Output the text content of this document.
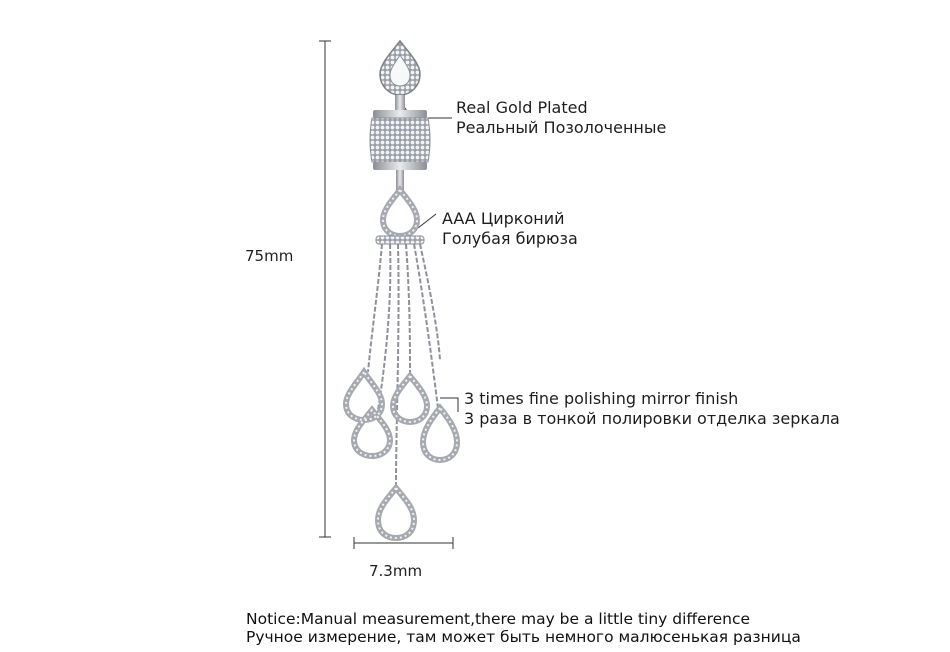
75mm
7.3mm
Real Gold Plated
Реальный Позолоченные
AAA Цирконий
Голубая бирюза
3 times fine polishing mirror finish
3 раза в тонкой полировки отделка зеркала
Notice:Manual measurement,there may be a little tiny difference
Ручное измерение, там может быть немного малюсенькая разница
